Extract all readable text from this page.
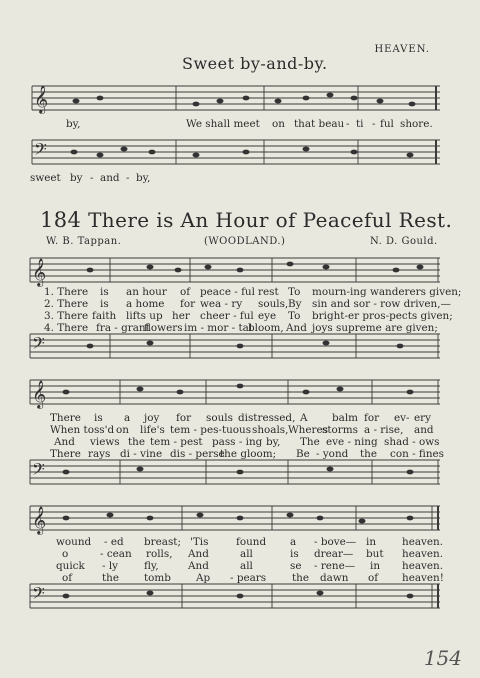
HEAVEN.
Sweet by-and-by.
𝄞
𝄢
𝄞
𝄢
𝄞
𝄢
𝄞
𝄢
by,	We shall meet on that beau - ti - ful shore.
sweet by - and - by,
184 There is An Hour of Peaceful Rest.
W. B. Tappan.	(WOODLAND.)	N. D. Gould.
1. There is an hour of peace - ful rest To mourn-ing wanderers given;
2. There is a home for wea - ry souls, By sin and sor - row driven,—
3. There faith lifts up her cheer - ful eye To bright-er pros-pects given;
4. There fra - grant
flowers im - mor - tal
bloom, And joys supreme are given;
There is a joy for souls distressed, A balm for ev - ery
When toss'd on life's tem - pes-tuous shoals, Wheres
storms a - rise, and
And views the tem - pest pass - ing by, The eve - ning shad - ows
There rays di - vine dis - perse
the gloom; Be - yond the con - fines
wound - ed breast; 'Tis	found a - bove— in heaven.
o	- cean rolls, And	all	is drear— but heaven.
quick - ly fly,	And	all	se - rene— in heaven.
of	the tomb Ap - pears the dawn of heaven!
154
